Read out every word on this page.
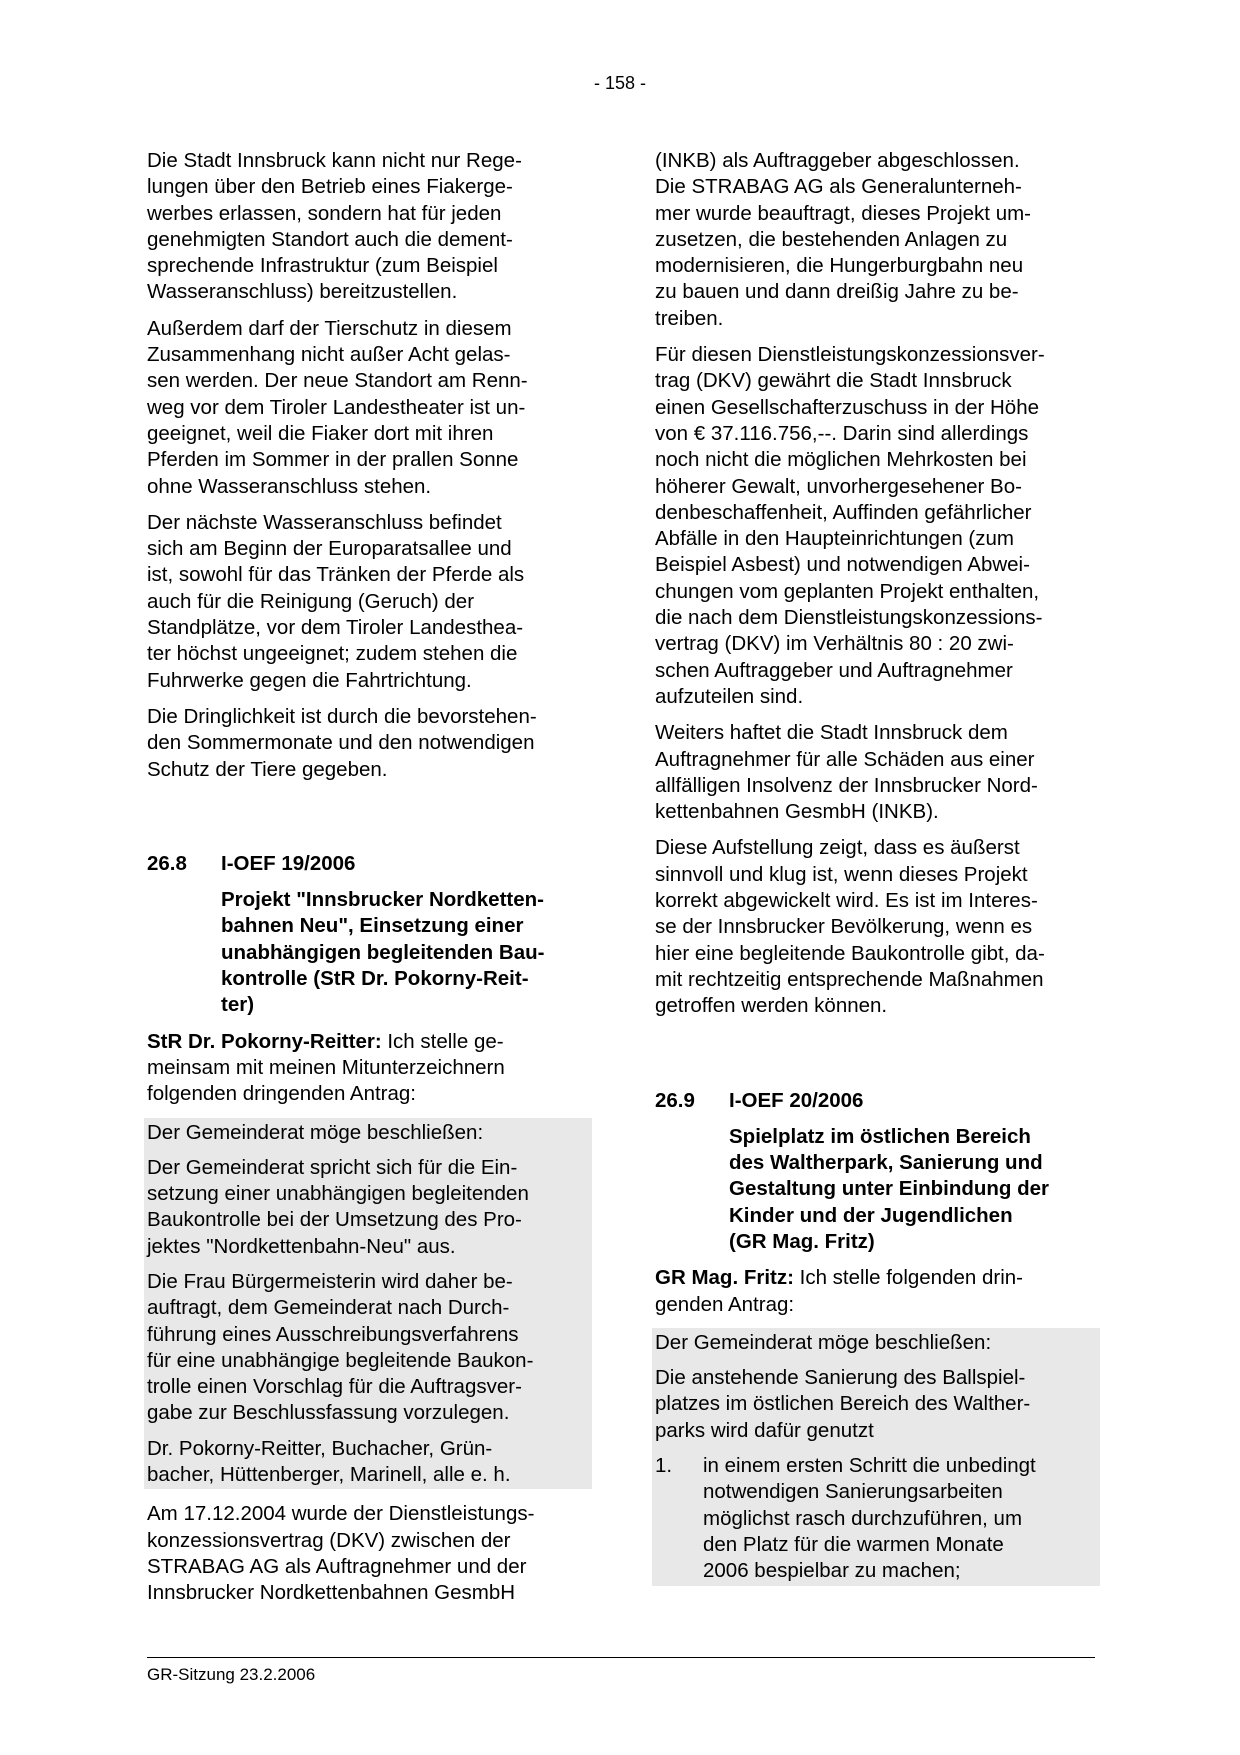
- 158 -
Die Stadt Innsbruck kann nicht nur Rege-
lungen über den Betrieb eines Fiakerge-
werbes erlassen, sondern hat für jeden
genehmigten Standort auch die dement-
sprechende Infrastruktur (zum Beispiel
Wasseranschluss) bereitzustellen.
Außerdem darf der Tierschutz in diesem
Zusammenhang nicht außer Acht gelas-
sen werden. Der neue Standort am Renn-
weg vor dem Tiroler Landestheater ist un-
geeignet, weil die Fiaker dort mit ihren
Pferden im Sommer in der prallen Sonne
ohne Wasseranschluss stehen.
Der nächste Wasseranschluss befindet
sich am Beginn der Europaratsallee und
ist, sowohl für das Tränken der Pferde als
auch für die Reinigung (Geruch) der
Standplätze, vor dem Tiroler Landesthea-
ter höchst ungeeignet; zudem stehen die
Fuhrwerke gegen die Fahrtrichtung.
Die Dringlichkeit ist durch die bevorstehen-
den Sommermonate und den notwendigen
Schutz der Tiere gegeben.
26.8	I-OEF 19/2006
Projekt "Innsbrucker Nordketten-
bahnen Neu", Einsetzung einer
unabhängigen begleitenden Bau-
kontrolle (StR Dr. Pokorny-Reit-
ter)
StR Dr. Pokorny-Reitter: Ich stelle ge-
meinsam mit meinen Mitunterzeichnern
folgenden dringenden Antrag:
Der Gemeinderat möge beschließen:
Der Gemeinderat spricht sich für die Ein-
setzung einer unabhängigen begleitenden
Baukontrolle bei der Umsetzung des Pro-
jektes "Nordkettenbahn-Neu" aus.
Die Frau Bürgermeisterin wird daher be-
auftragt, dem Gemeinderat nach Durch-
führung eines Ausschreibungsverfahrens
für eine unabhängige begleitende Baukon-
trolle einen Vorschlag für die Auftragsver-
gabe zur Beschlussfassung vorzulegen.
Dr. Pokorny-Reitter, Buchacher, Grün-
bacher, Hüttenberger, Marinell, alle e. h.
Am 17.12.2004 wurde der Dienstleistungs-
konzessionsvertrag (DKV) zwischen der
STRABAG AG als Auftragnehmer und der
Innsbrucker Nordkettenbahnen GesmbH
(INKB) als Auftraggeber abgeschlossen.
Die STRABAG AG als Generalunterneh-
mer wurde beauftragt, dieses Projekt um-
zusetzen, die bestehenden Anlagen zu
modernisieren, die Hungerburgbahn neu
zu bauen und dann dreißig Jahre zu be-
treiben.
Für diesen Dienstleistungskonzessionsver-
trag (DKV) gewährt die Stadt Innsbruck
einen Gesellschafterzuschuss in der Höhe
von € 37.116.756,--. Darin sind allerdings
noch nicht die möglichen Mehrkosten bei
höherer Gewalt, unvorhergesehener Bo-
denbeschaffenheit, Auffinden gefährlicher
Abfälle in den Haupteinrichtungen (zum
Beispiel Asbest) und notwendigen Abwei-
chungen vom geplanten Projekt enthalten,
die nach dem Dienstleistungskonzessions-
vertrag (DKV) im Verhältnis 80 : 20 zwi-
schen Auftraggeber und Auftragnehmer
aufzuteilen sind.
Weiters haftet die Stadt Innsbruck dem
Auftragnehmer für alle Schäden aus einer
allfälligen Insolvenz der Innsbrucker Nord-
kettenbahnen GesmbH (INKB).
Diese Aufstellung zeigt, dass es äußerst
sinnvoll und klug ist, wenn dieses Projekt
korrekt abgewickelt wird. Es ist im Interes-
se der Innsbrucker Bevölkerung, wenn es
hier eine begleitende Baukontrolle gibt, da-
mit rechtzeitig entsprechende Maßnahmen
getroffen werden können.
26.9	I-OEF 20/2006
Spielplatz im östlichen Bereich
des Waltherpark, Sanierung und
Gestaltung unter Einbindung der
Kinder und der Jugendlichen
(GR Mag. Fritz)
GR Mag. Fritz: Ich stelle folgenden drin-
genden Antrag:
Der Gemeinderat möge beschließen:
Die anstehende Sanierung des Ballspiel-
platzes im östlichen Bereich des Walther-
parks wird dafür genutzt
1.	in einem ersten Schritt die unbedingt
notwendigen Sanierungsarbeiten
möglichst rasch durchzuführen, um
den Platz für die warmen Monate
2006 bespielbar zu machen;
GR-Sitzung 23.2.2006
